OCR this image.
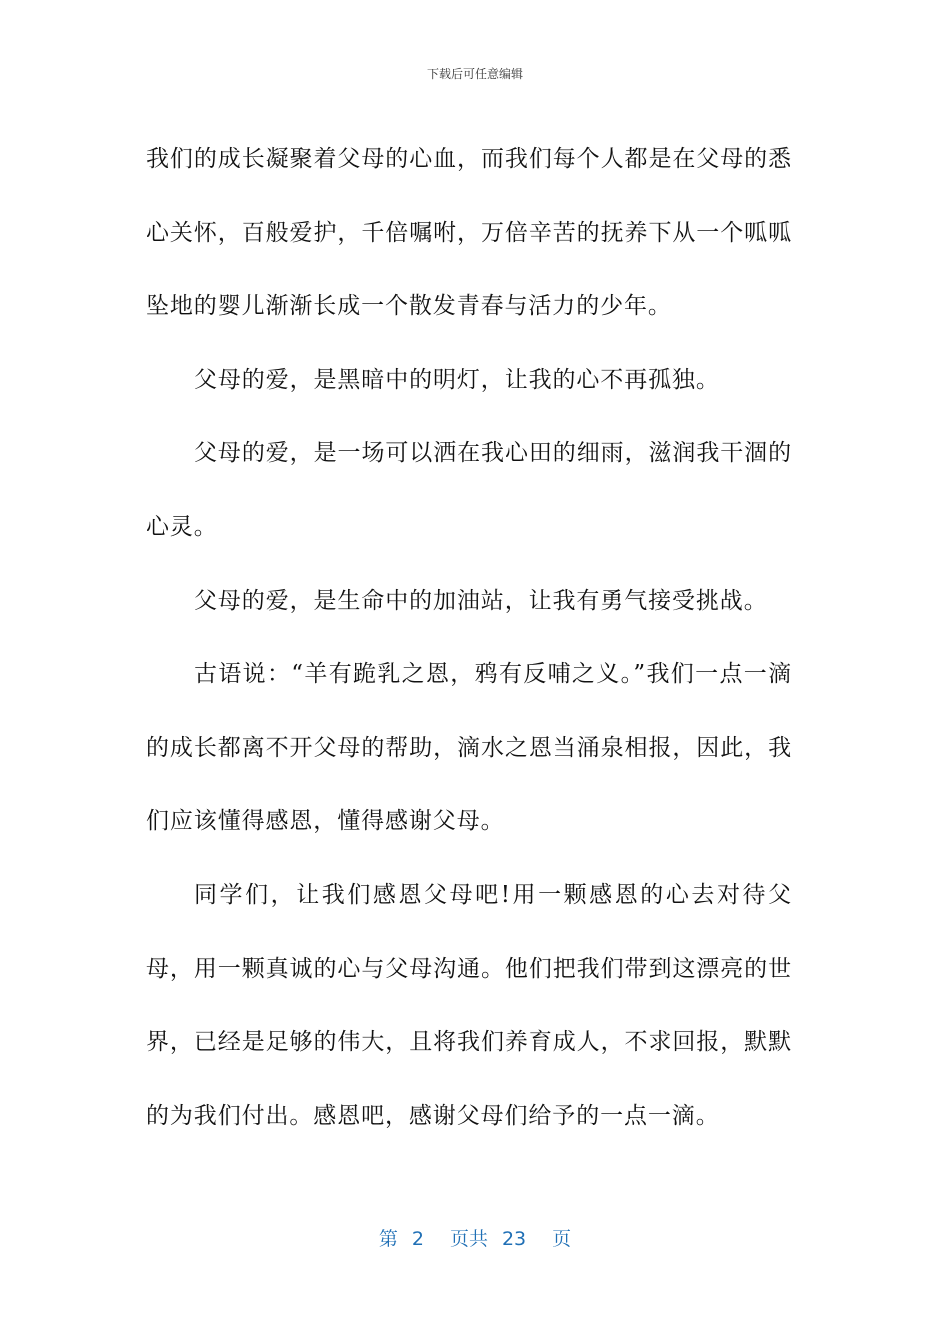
下载后可任意编辑

我们的成长凝聚着父母的心血，而我们每个人都是在父母的悉心关怀，百般爱护，千倍嘱咐，万倍辛苦的抚养下从一个呱呱坠地的婴儿渐渐长成一个散发青春与活力的少年。

父母的爱，是黑暗中的明灯，让我的心不再孤独。

父母的爱，是一场可以洒在我心田的细雨，滋润我干涸的心灵。

父母的爱，是生命中的加油站，让我有勇气接受挑战。

古语说：“羊有跪乳之恩，鸦有反哺之义。”我们一点一滴的成长都离不开父母的帮助，滴水之恩当涌泉相报，因此，我们应该懂得感恩，懂得感谢父母。

同学们，让我们感恩父母吧!用一颗感恩的心去对待父母，用一颗真诚的心与父母沟通。他们把我们带到这漂亮的世界，已经是足够的伟大，且将我们养育成人，不求回报，默默的为我们付出。感恩吧，感谢父母们给予的一点一滴。

第 2 页共 23 页
